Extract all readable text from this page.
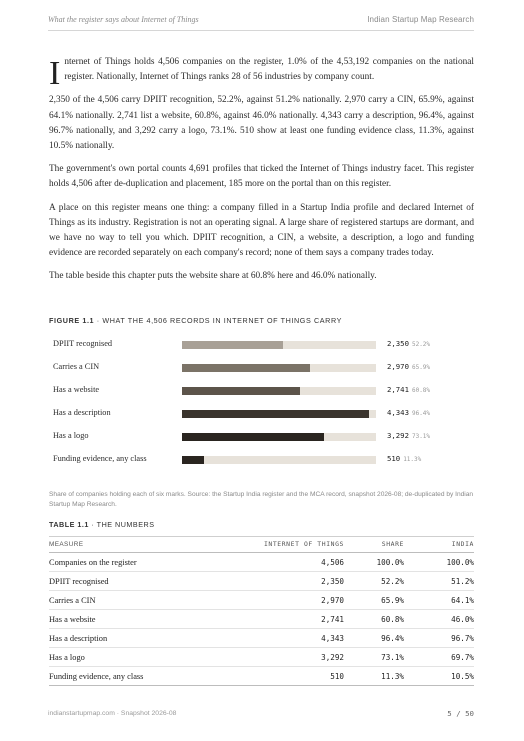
What the register says about Internet of Things	Indian Startup Map Research

Internet of Things holds 4,506 companies on the register, 1.0% of the 4,53,192 companies on the national register. Nationally, Internet of Things ranks 28 of 56 industries by company count.

2,350 of the 4,506 carry DPIIT recognition, 52.2%, against 51.2% nationally. 2,970 carry a CIN, 65.9%, against 64.1% nationally. 2,741 list a website, 60.8%, against 46.0% nationally. 4,343 carry a description, 96.4%, against 96.7% nationally, and 3,292 carry a logo, 73.1%. 510 show at least one funding evidence class, 11.3%, against 10.5% nationally.

The government's own portal counts 4,691 profiles that ticked the Internet of Things industry facet. This register holds 4,506 after de-duplication and placement, 185 more on the portal than on this register.

A place on this register means one thing: a company filled in a Startup India profile and declared Internet of Things as its industry. Registration is not an operating signal. A large share of registered startups are dormant, and we have no way to tell you which. DPIIT recognition, a CIN, a website, a description, a logo and funding evidence are recorded separately on each company's record; none of them says a company trades today.

The table beside this chapter puts the website share at 60.8% here and 46.0% nationally.

FIGURE 1.1 · WHAT THE 4,506 RECORDS IN INTERNET OF THINGS CARRY
DPIIT recognised	2,350 52.2%
Carries a CIN	2,970 65.9%
Has a website	2,741 60.8%
Has a description	4,343 96.4%
Has a logo	3,292 73.1%
Funding evidence, any class	510 11.3%
Share of companies holding each of six marks. Source: the Startup India register and the MCA record, snapshot 2026-08; de-duplicated by Indian Startup Map Research.
TABLE 1.1 · THE NUMBERS
MEASURE	INTERNET OF THINGS	SHARE	INDIA
Companies on the register	4,506	100.0%	100.0%
DPIIT recognised	2,350	52.2%	51.2%
Carries a CIN	2,970	65.9%	64.1%
Has a website	2,741	60.8%	46.0%
Has a description	4,343	96.4%	96.7%
Has a logo	3,292	73.1%	69.7%
Funding evidence, any class	510	11.3%	10.5%
indianstartupmap.com · Snapshot 2026-08	5 / 50
